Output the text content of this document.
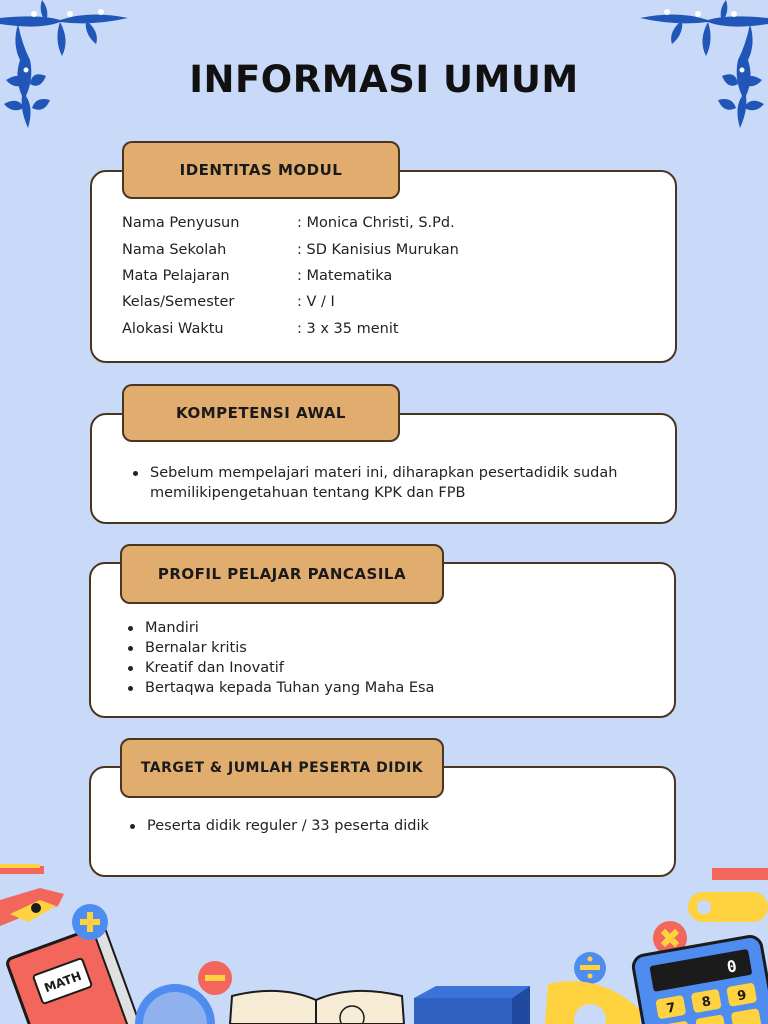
INFORMASI UMUM
Nama Penyusun	: Monica Christi, S.Pd.
Nama Sekolah	: SD Kanisius Murukan
Mata Pelajaran	: Matematika
Kelas/Semester	: V / I
Alokasi Waktu	: 3 x 35 menit
IDENTITAS MODUL
Sebelum mempelajari materi ini, diharapkan pesertadidik sudah memilikipengetahuan tentang KPK dan FPB
KOMPETENSI AWAL
Mandiri
Bernalar kritis
Kreatif dan Inovatif
Bertaqwa kepada Tuhan yang Maha Esa
PROFIL PELAJAR PANCASILA
Peserta didik reguler / 33 peserta didik
TARGET & JUMLAH PESERTA DIDIK
MATH
0
7 8 9
